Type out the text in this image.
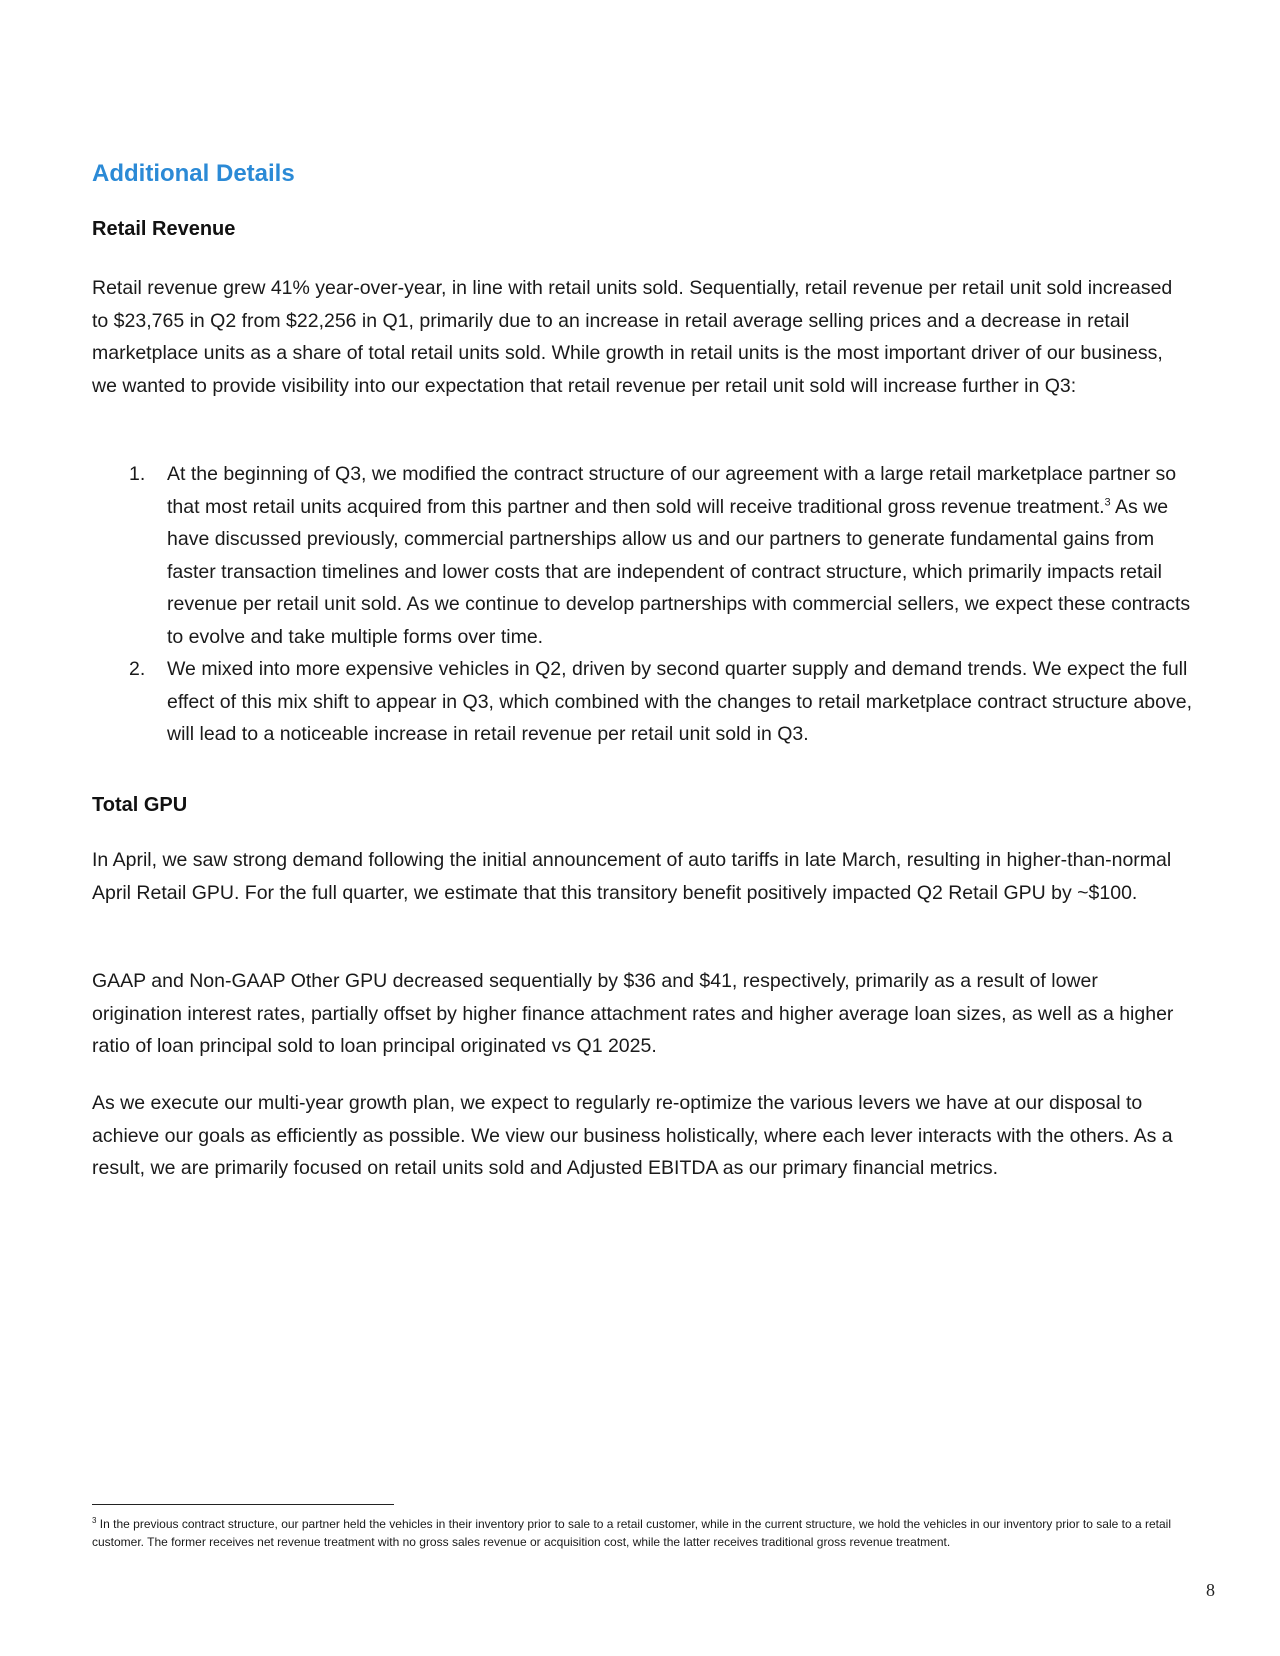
Additional Details
Retail Revenue

Retail revenue grew 41% year-over-year, in line with retail units sold. Sequentially, retail revenue per retail unit sold increased to $23,765 in Q2 from $22,256 in Q1, primarily due to an increase in retail average selling prices and a decrease in retail marketplace units as a share of total retail units sold. While growth in retail units is the most important driver of our business, we wanted to provide visibility into our expectation that retail revenue per retail unit sold will increase further in Q3:

1. At the beginning of Q3, we modified the contract structure of our agreement with a large retail marketplace partner so that most retail units acquired from this partner and then sold will receive traditional gross revenue treatment.$^3$ As we have discussed previously, commercial partnerships allow us and our partners to generate fundamental gains from faster transaction timelines and lower costs that are independent of contract structure, which primarily impacts retail revenue per retail unit sold. As we continue to develop partnerships with commercial sellers, we expect these contracts to evolve and take multiple forms over time.
2. We mixed into more expensive vehicles in Q2, driven by second quarter supply and demand trends. We expect the full effect of this mix shift to appear in Q3, which combined with the changes to retail marketplace contract structure above, will lead to a noticeable increase in retail revenue per retail unit sold in Q3.
Total GPU

In April, we saw strong demand following the initial announcement of auto tariffs in late March, resulting in higher-than-normal April Retail GPU. For the full quarter, we estimate that this transitory benefit positively impacted Q2 Retail GPU by ~$100.

GAAP and Non-GAAP Other GPU decreased sequentially by $36 and $41, respectively, primarily as a result of lower origination interest rates, partially offset by higher finance attachment rates and higher average loan sizes, as well as a higher ratio of loan principal sold to loan principal originated vs Q1 2025.

As we execute our multi-year growth plan, we expect to regularly re-optimize the various levers we have at our disposal to achieve our goals as efficiently as possible. We view our business holistically, where each lever interacts with the others. As a result, we are primarily focused on retail units sold and Adjusted EBITDA as our primary financial metrics.

$^3$ In the previous contract structure, our partner held the vehicles in their inventory prior to sale to a retail customer, while in the current structure, we hold the vehicles in our inventory prior to sale to a retail customer. The former receives net revenue treatment with no gross sales revenue or acquisition cost, while the latter receives traditional gross revenue treatment.

8
